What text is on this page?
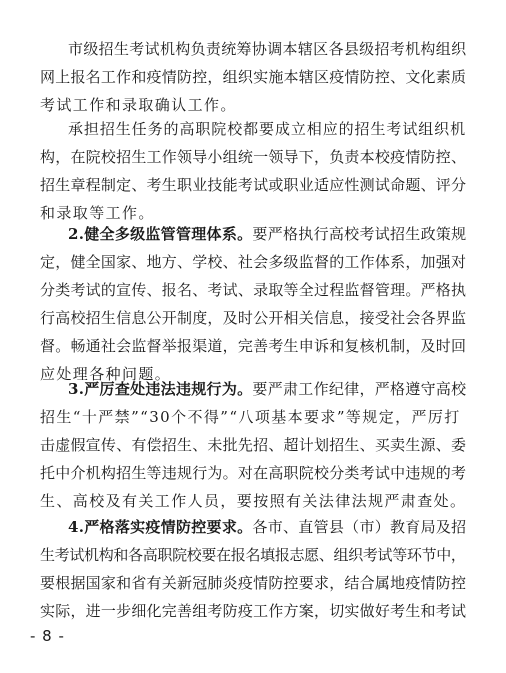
市级招生考试机构负责统筹协调本辖区各县级招考机构组织
网上报名工作和疫情防控，组织实施本辖区疫情防控、文化素质
考试工作和录取确认工作。
承担招生任务的高职院校都要成立相应的招生考试组织机
构，在院校招生工作领导小组统一领导下，负责本校疫情防控、
招生章程制定、考生职业技能考试或职业适应性测试命题、评分
和录取等工作。
2.健全多级监管管理体系。要严格执行高校考试招生政策规
定，健全国家、地方、学校、社会多级监督的工作体系，加强对
分类考试的宣传、报名、考试、录取等全过程监督管理。严格执
行高校招生信息公开制度，及时公开相关信息，接受社会各界监
督。畅通社会监督举报渠道，完善考生申诉和复核机制，及时回
应处理各种问题。
3.严厉查处违法违规行为。要严肃工作纪律，严格遵守高校
招生“十严禁”“30个不得”“八项基本要求”等规定，严厉打
击虚假宣传、有偿招生、未批先招、超计划招生、买卖生源、委
托中介机构招生等违规行为。对在高职院校分类考试中违规的考
生、高校及有关工作人员，要按照有关法律法规严肃查处。
4.严格落实疫情防控要求。各市、直管县（市）教育局及招
生考试机构和各高职院校要在报名填报志愿、组织考试等环节中，
要根据国家和省有关新冠肺炎疫情防控要求，结合属地疫情防控
实际，进一步细化完善组考防疫工作方案，切实做好考生和考试
- 8 -
